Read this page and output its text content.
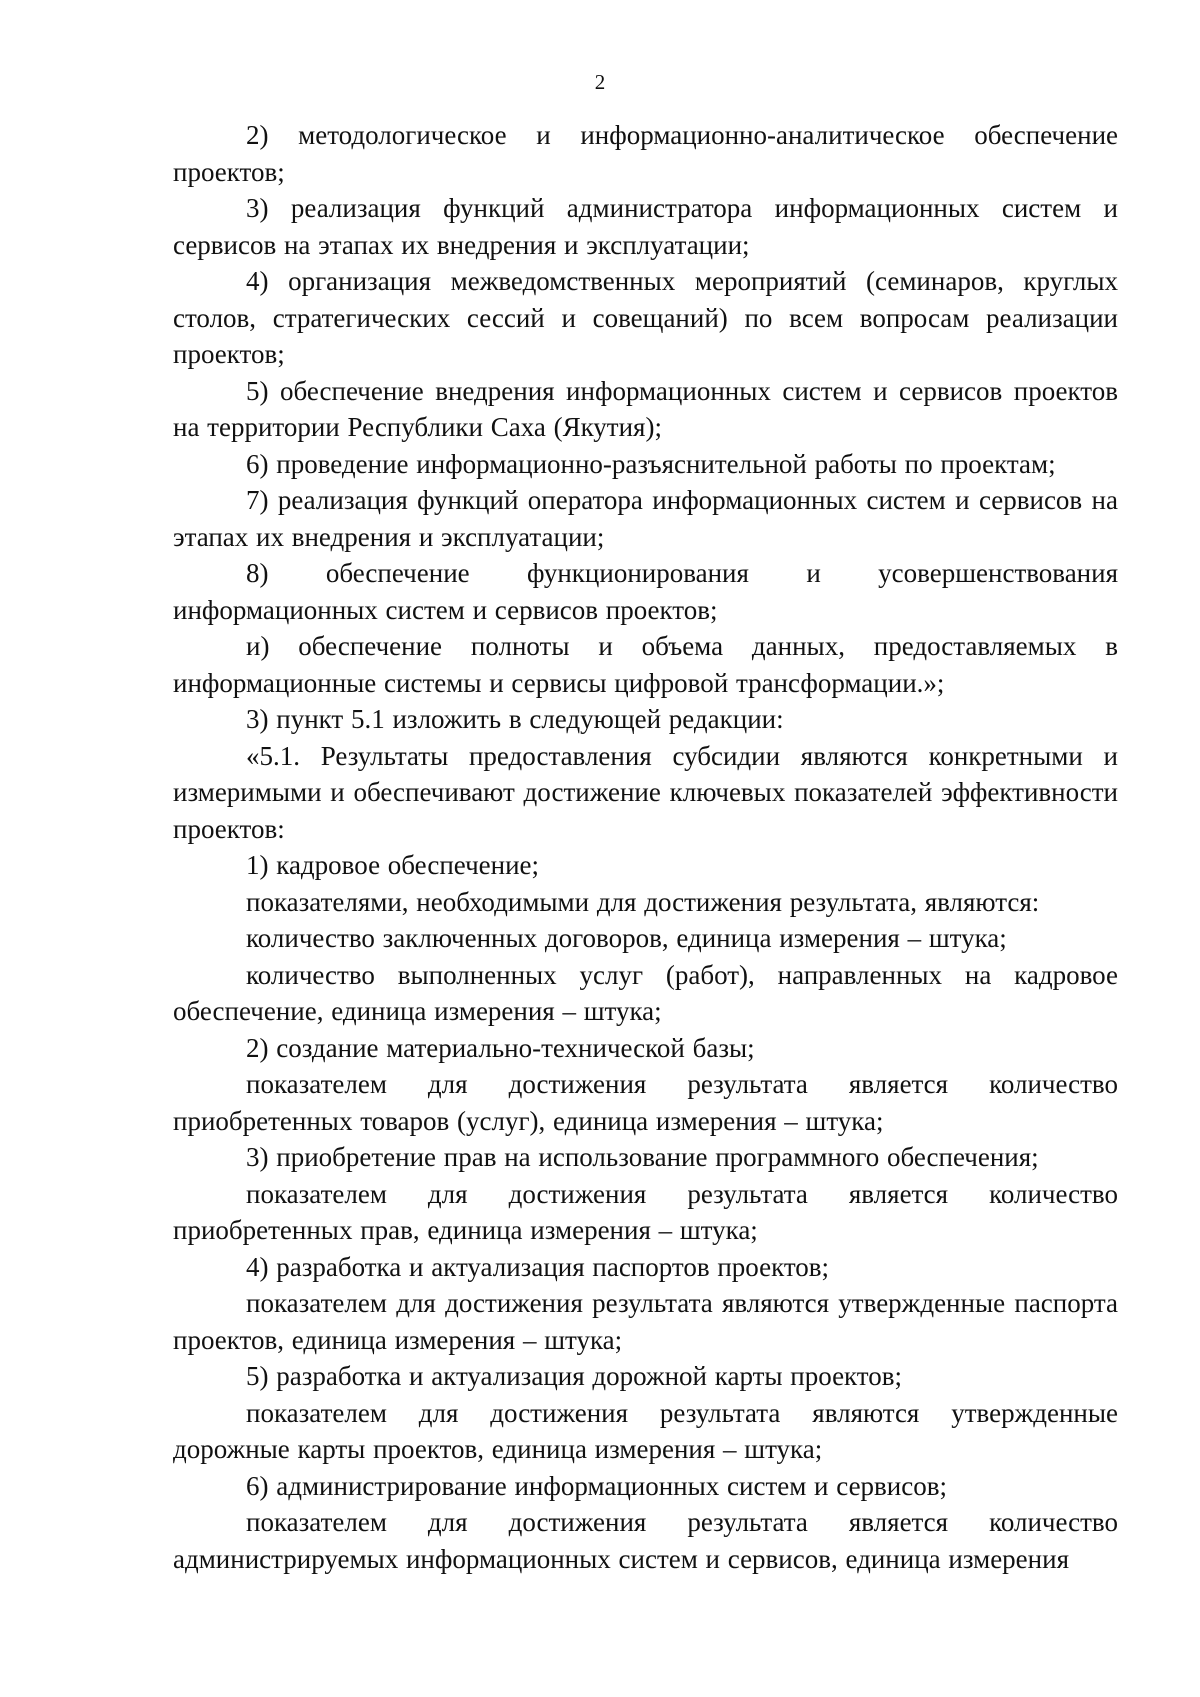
2

2) методологическое и информационно-аналитическое обеспечение проектов;

3) реализация функций администратора информационных систем и сервисов на этапах их внедрения и эксплуатации;

4) организация межведомственных мероприятий (семинаров, круглых столов, стратегических сессий и совещаний) по всем вопросам реализации проектов;

5) обеспечение внедрения информационных систем и сервисов проектов на территории Республики Саха (Якутия);

6) проведение информационно-разъяснительной работы по проектам;

7) реализация функций оператора информационных систем и сервисов на этапах их внедрения и эксплуатации;

8) обеспечение функционирования и усовершенствования информационных систем и сервисов проектов;

и) обеспечение полноты и объема данных, предоставляемых в информационные системы и сервисы цифровой трансформации.»;

3) пункт 5.1 изложить в следующей редакции:

«5.1. Результаты предоставления субсидии являются конкретными и измеримыми и обеспечивают достижение ключевых показателей эффективности проектов:

1) кадровое обеспечение;

показателями, необходимыми для достижения результата, являются:

количество заключенных договоров, единица измерения – штука;

количество выполненных услуг (работ), направленных на кадровое обеспечение, единица измерения – штука;

2) создание материально-технической базы;

показателем для достижения результата является количество приобретенных товаров (услуг), единица измерения – штука;

3) приобретение прав на использование программного обеспечения;

показателем для достижения результата является количество приобретенных прав, единица измерения – штука;

4) разработка и актуализация паспортов проектов;

показателем для достижения результата являются утвержденные паспорта проектов, единица измерения – штука;

5) разработка и актуализация дорожной карты проектов;

показателем для достижения результата являются утвержденные дорожные карты проектов, единица измерения – штука;

6) администрирование информационных систем и сервисов;

показателем для достижения результата является количество администрируемых информационных систем и сервисов, единица измерения
